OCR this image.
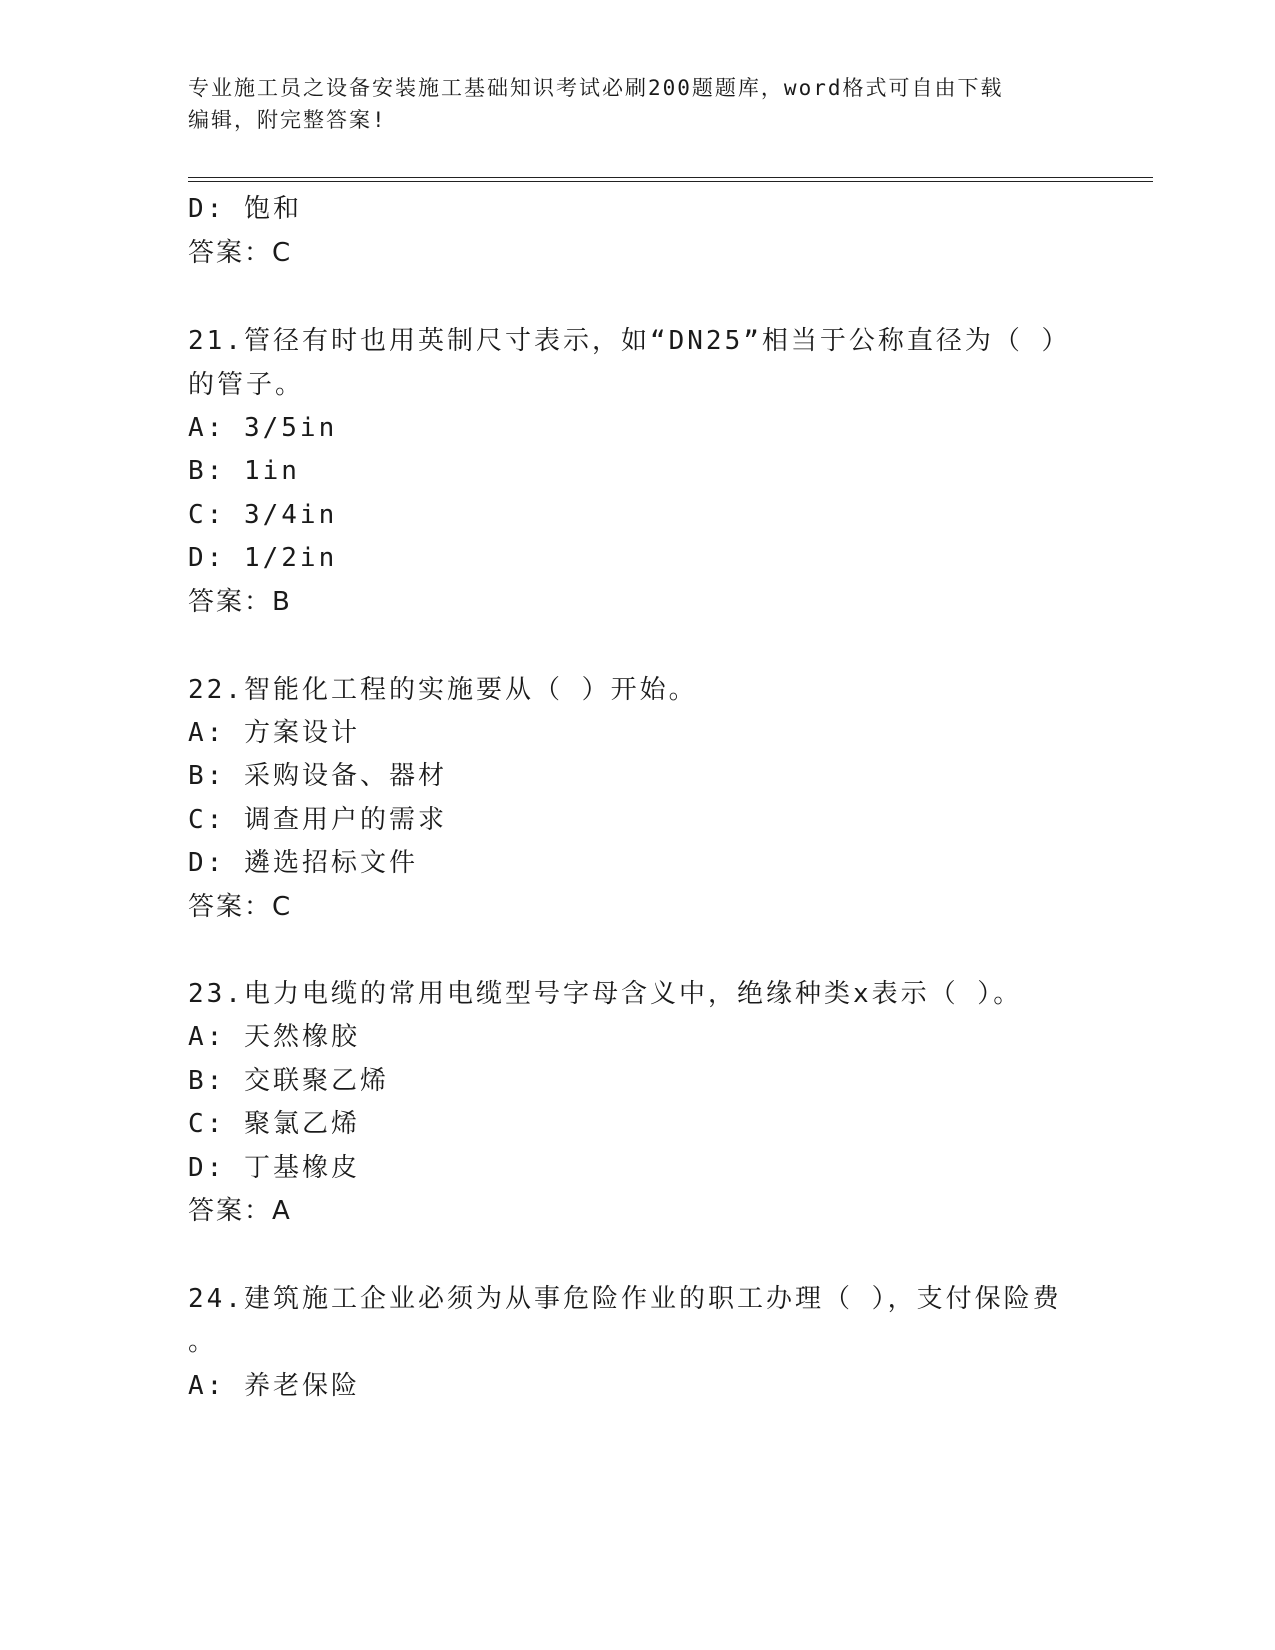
专业施工员之设备安装施工基础知识考试必刷200题题库，word格式可自由下载
编辑，附完整答案!
D: 饱和
答案：C
21.管径有时也用英制尺寸表示，如“DN25”相当于公称直径为（ ）
的管子。
A: 3/5in
B: 1in
C: 3/4in
D: 1/2in
答案：B
22.智能化工程的实施要从（ ）开始。
A: 方案设计
B: 采购设备、器材
C: 调查用户的需求
D: 遴选招标文件
答案：C
23.电力电缆的常用电缆型号字母含义中，绝缘种类x表示（ ）。
A: 天然橡胶
B: 交联聚乙烯
C: 聚氯乙烯
D: 丁基橡皮
答案：A
24.建筑施工企业必须为从事危险作业的职工办理（ ），支付保险费
。
A: 养老保险
